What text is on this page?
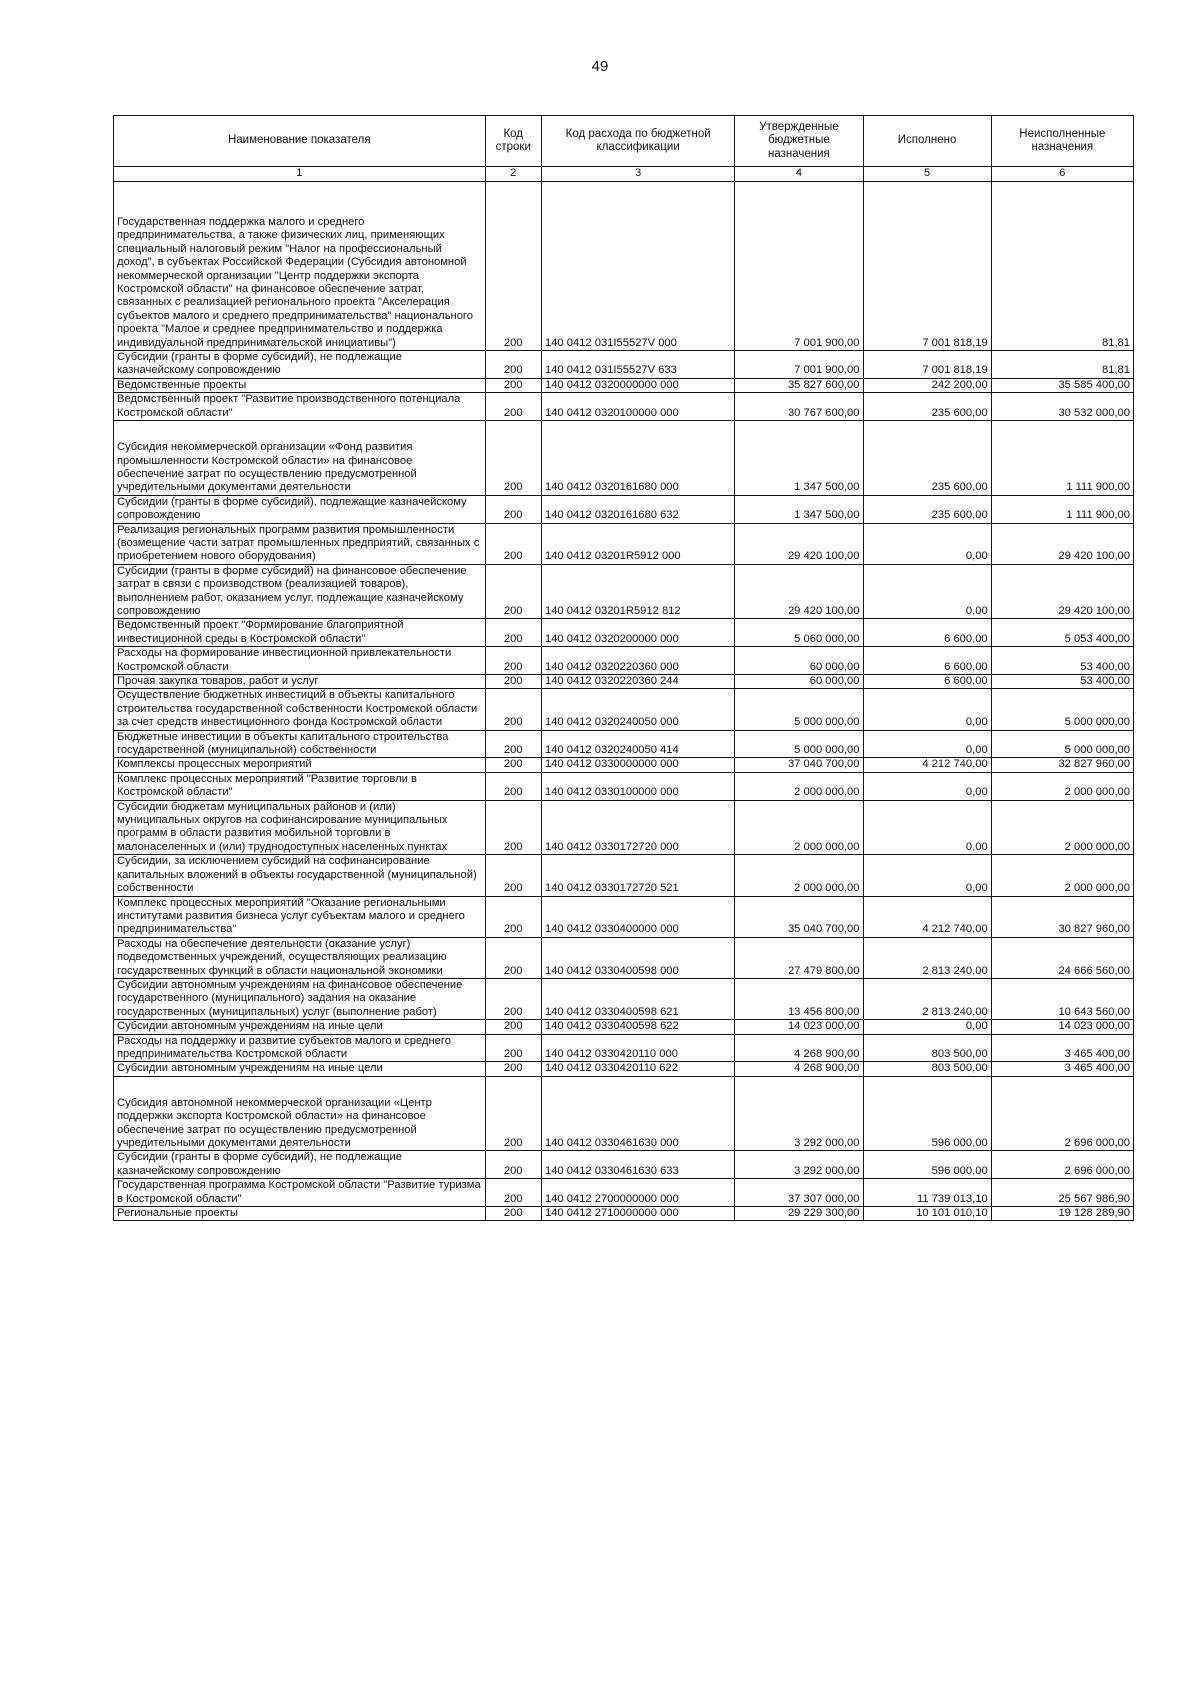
49
Наименование показателя	Код строки	Код расхода по бюджетной классификации	Утвержденные бюджетные назначения	Исполнено	Неисполненные назначения
1	2	3	4	5	6
Государственная поддержка малого и среднего предпринимательства, а также физических лиц, применяющих специальный налоговый режим "Налог на профессиональный доход", в субъектах Российской Федерации (Субсидия автономной некоммерческой организации "Центр поддержки экспорта Костромской области" на финансовое обеспечение затрат, связанных с реализацией регионального проекта "Акселерация субъектов малого и среднего предпринимательства" национального проекта "Малое и среднее предпринимательство и поддержка индивидуальной предпринимательской инициативы")	200	140 0412 031I55527V 000	7 001 900,00	7 001 818,19	81,81
Субсидии (гранты в форме субсидий), не подлежащие казначейскому сопровождению	200	140 0412 031I55527V 633	7 001 900,00	7 001 818,19	81,81
Ведомственные проекты	200	140 0412 0320000000 000	35 827 600,00	242 200,00	35 585 400,00
Ведомственный проект "Развитие производственного потенциала Костромской области"	200	140 0412 0320100000 000	30 767 600,00	235 600,00	30 532 000,00
Субсидия некоммерческой организации «Фонд развития промышленности Костромской области» на финансовое обеспечение затрат по осуществлению предусмотренной учредительными документами деятельности	200	140 0412 0320161680 000	1 347 500,00	235 600,00	1 111 900,00
Субсидии (гранты в форме субсидий), подлежащие казначейскому сопровождению	200	140 0412 0320161680 632	1 347 500,00	235 600,00	1 111 900,00
Реализация региональных программ развития промышленности (возмещение части затрат промышленных предприятий, связанных с приобретением нового оборудования)	200	140 0412 03201R5912 000	29 420 100,00	0,00	29 420 100,00
Субсидии (гранты в форме субсидий) на финансовое обеспечение затрат в связи с производством (реализацией товаров), выполнением работ, оказанием услуг, подлежащие казначейскому сопровождению	200	140 0412 03201R5912 812	29 420 100,00	0,00	29 420 100,00
Ведомственный проект "Формирование благоприятной инвестиционной среды в Костромской области"	200	140 0412 0320200000 000	5 060 000,00	6 600,00	5 053 400,00
Расходы на формирование инвестиционной привлекательности Костромской области	200	140 0412 0320220360 000	60 000,00	6 600,00	53 400,00
Прочая закупка товаров, работ и услуг	200	140 0412 0320220360 244	60 000,00	6 600,00	53 400,00
Осуществление бюджетных инвестиций в объекты капитального строительства государственной собственности Костромской области за счет средств инвестиционного фонда Костромской области	200	140 0412 0320240050 000	5 000 000,00	0,00	5 000 000,00
Бюджетные инвестиции в объекты капитального строительства государственной (муниципальной) собственности	200	140 0412 0320240050 414	5 000 000,00	0,00	5 000 000,00
Комплексы процессных мероприятий	200	140 0412 0330000000 000	37 040 700,00	4 212 740,00	32 827 960,00
Комплекс процессных мероприятий "Развитие торговли в Костромской области"	200	140 0412 0330100000 000	2 000 000,00	0,00	2 000 000,00
Субсидии бюджетам муниципальных районов и (или) муниципальных округов на софинансирование муниципальных программ в области развития мобильной торговли в малонаселенных и (или) труднодоступных населенных пунктах	200	140 0412 0330172720 000	2 000 000,00	0,00	2 000 000,00
Субсидии, за исключением субсидий на софинансирование капитальных вложений в объекты государственной (муниципальной) собственности	200	140 0412 0330172720 521	2 000 000,00	0,00	2 000 000,00
Комплекс процессных мероприятий "Оказание региональными институтами развития бизнеса услуг субъектам малого и среднего предпринимательства"	200	140 0412 0330400000 000	35 040 700,00	4 212 740,00	30 827 960,00
Расходы на обеспечение деятельности (оказание услуг) подведомственных учреждений, осуществляющих реализацию государственных функций в области национальной экономики	200	140 0412 0330400598 000	27 479 800,00	2 813 240,00	24 666 560,00
Субсидии автономным учреждениям на финансовое обеспечение государственного (муниципального) задания на оказание государственных (муниципальных) услуг (выполнение работ)	200	140 0412 0330400598 621	13 456 800,00	2 813 240,00	10 643 560,00
Субсидии автономным учреждениям на иные цели	200	140 0412 0330400598 622	14 023 000,00	0,00	14 023 000,00
Расходы на поддержку и развитие субъектов малого и среднего предпринимательства Костромской области	200	140 0412 0330420110 000	4 268 900,00	803 500,00	3 465 400,00
Субсидии автономным учреждениям на иные цели	200	140 0412 0330420110 622	4 268 900,00	803 500,00	3 465 400,00
Субсидия автономной некоммерческой организации «Центр поддержки экспорта Костромской области» на финансовое обеспечение затрат по осуществлению предусмотренной учредительными документами деятельности	200	140 0412 0330461630 000	3 292 000,00	596 000,00	2 696 000,00
Субсидии (гранты в форме субсидий), не подлежащие казначейскому сопровождению	200	140 0412 0330461630 633	3 292 000,00	596 000,00	2 696 000,00
Государственная программа Костромской области "Развитие туризма в Костромской области"	200	140 0412 2700000000 000	37 307 000,00	11 739 013,10	25 567 986,90
Региональные проекты	200	140 0412 2710000000 000	29 229 300,00	10 101 010,10	19 128 289,90
